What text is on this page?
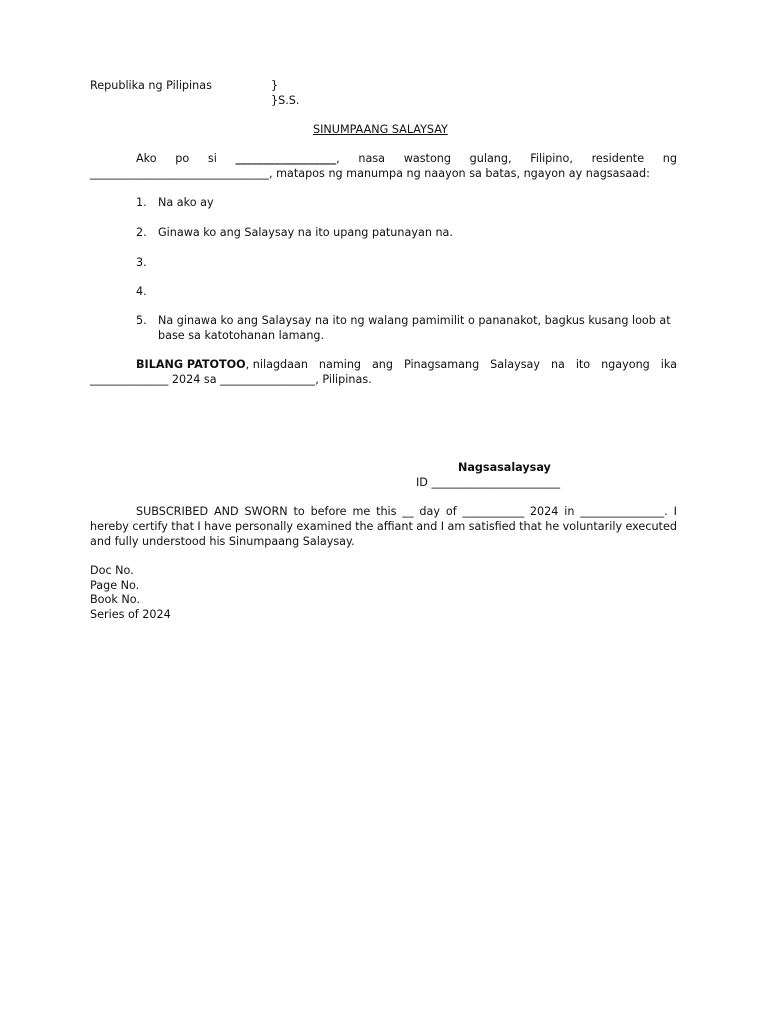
Republika ng Pilipinas	}
}S.S.
SINUMPAANG SALAYSAY
Ako po si __________________, nasa wastong gulang, Filipino, residente ng
________________________________, matapos ng manumpa ng naayon sa batas, ngayon ay nagsasaad:
1.	Na ako ay
2.	Ginawa ko ang Salaysay na ito upang patunayan na.
3.
4.
5.	Na ginawa ko ang Salaysay na ito ng walang pamimilit o pananakot, bagkus kusang loob at
base sa katotohanan lamang.
BILANG PATOTOO, nilagdaan naming ang Pinagsamang Salaysay na ito ngayong ika
______________ 2024 sa _________________, Pilipinas.
Nagsasalaysay
ID _______________________
SUBSCRIBED AND SWORN to before me this __ day of ___________ 2024 in _______________. I
hereby certify that I have personally examined the affiant and I am satisfied that he voluntarily executed
and fully understood his Sinumpaang Salaysay.
Doc No.
Page No.
Book No.
Series of 2024
